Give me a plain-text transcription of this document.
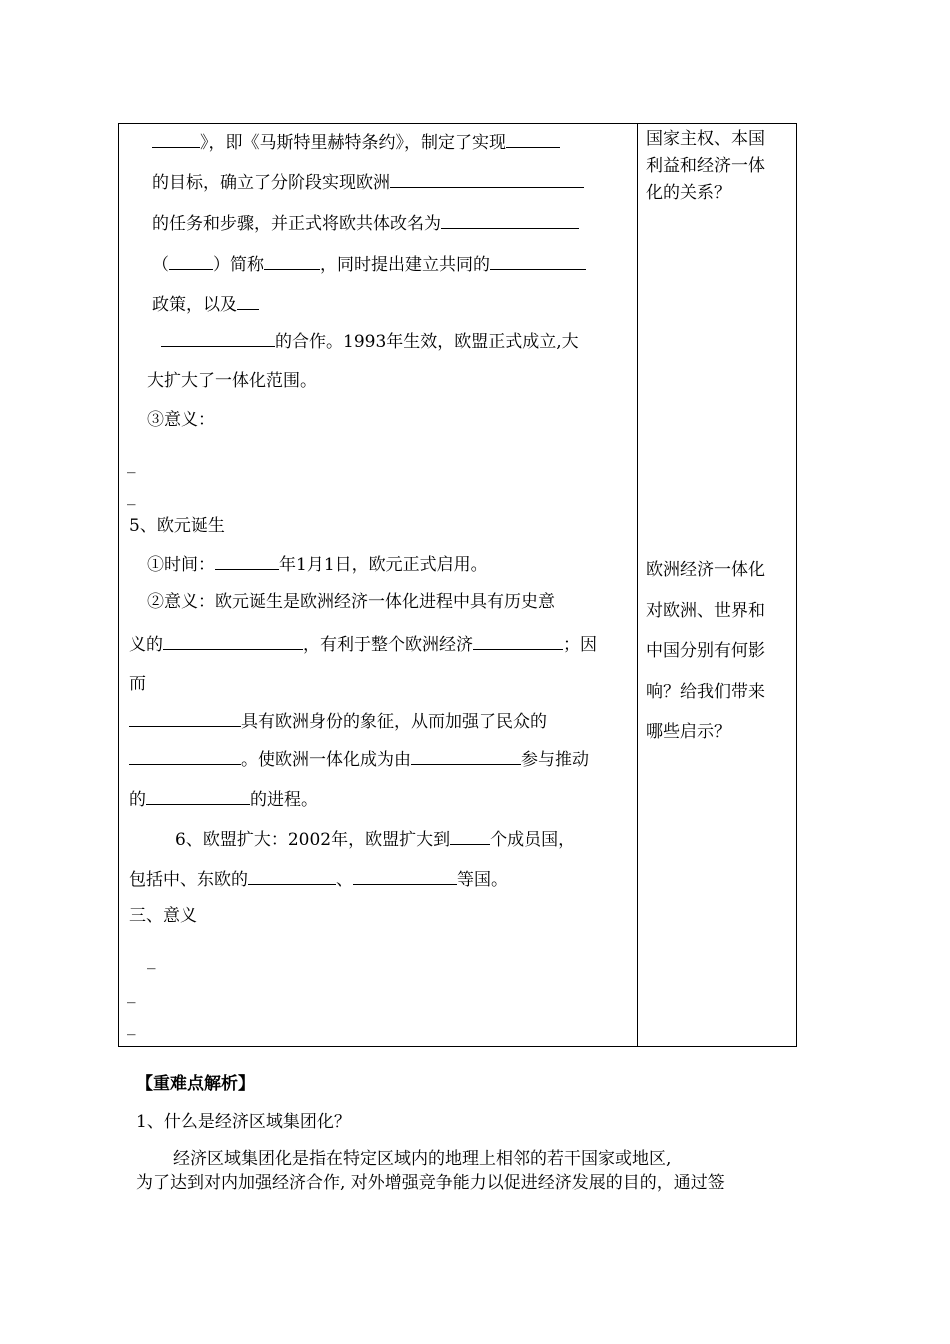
》，即《马斯特里赫特条约》，制定了实现
的目标，确立了分阶段实现欧洲
的任务和步骤，并正式将欧共体改名为
（	）简称	，同时提出建立共同的
政策，以及
的合作。1993年生效，欧盟正式成立,大
大扩大了一体化范围。
③意义：
_
_
5、欧元诞生
①时间：	年1月1日，欧元正式启用。
②意义：欧元诞生是欧洲经济一体化进程中具有历史意
义的	，有利于整个欧洲经济	；因
而
具有欧洲身份的象征，从而加强了民众的
。使欧洲一体化成为由	参与推动
的	的进程。
6、欧盟扩大：2002年，欧盟扩大到 个成员国，
包括中、东欧的	、	等国。
三、意义
_
_
_
国家主权、本国
利益和经济一体
化的关系？
欧洲经济一体化
对欧洲、世界和
中国分别有何影
响？给我们带来
哪些启示？
【重难点解析】
1、什么是经济区域集团化？
经济区域集团化是指在特定区域内的地理上相邻的若干国家或地区,
为了达到对内加强经济合作, 对外增强竞争能力以促进经济发展的目的，通过签
